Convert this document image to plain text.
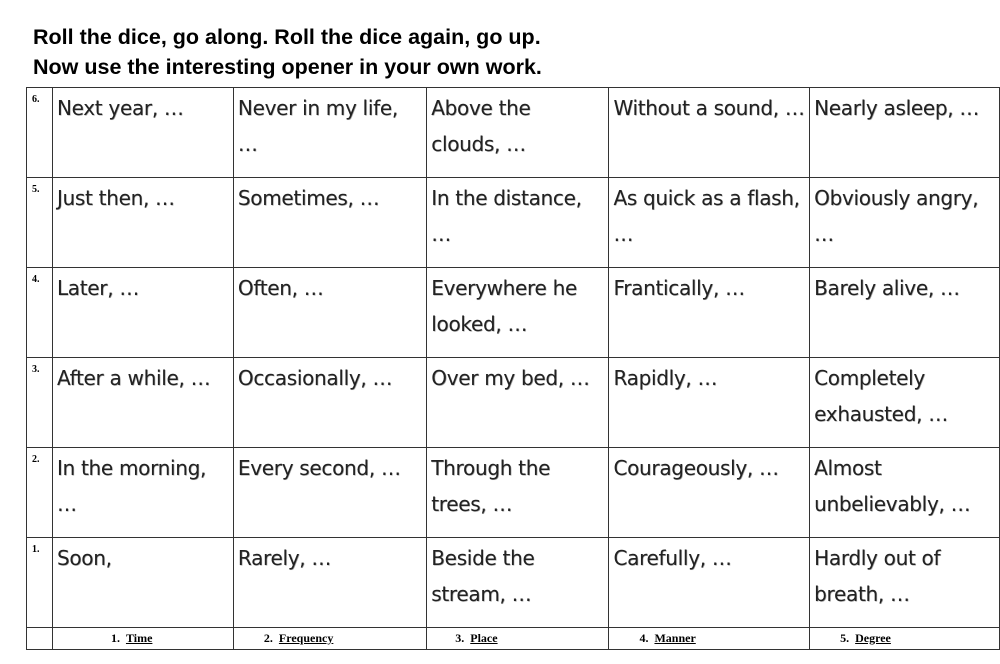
Roll the dice, go along. Roll the dice again, go up.
Now use the interesting opener in your own work.
6.	Next year, …	Never in my life, …	Above the clouds, …	Without a sound, …	Nearly asleep, …
5.	Just then, …	Sometimes, …	In the distance, …	As quick as a flash, …	Obviously angry, …
4.	Later, …	Often, …	Everywhere he looked, …	Frantically, …	Barely alive, …
3.	After a while, …	Occasionally, …	Over my bed, …	Rapidly, …	Completely exhausted, …
2.	In the morning, …	Every second, …	Through the trees, …	Courageously, …	Almost unbelievably, …
1.	Soon,	Rarely, …	Beside the stream, …	Carefully, …	Hardly out of breath, …
	1. Time	2. Frequency	3. Place	4. Manner	5. Degree
